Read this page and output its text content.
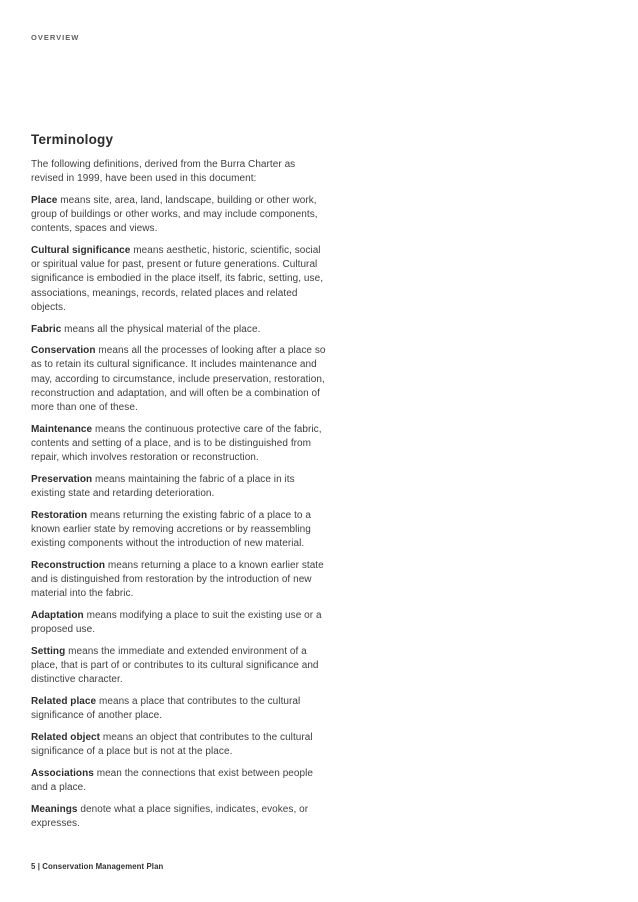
OVERVIEW
Terminology

The following definitions, derived from the Burra Charter as revised in 1999, have been used in this document:

Place means site, area, land, landscape, building or other work, group of buildings or other works, and may include components, contents, spaces and views.

Cultural significance means aesthetic, historic, scientific, social or spiritual value for past, present or future generations. Cultural significance is embodied in the place itself, its fabric, setting, use, associations, meanings, records, related places and related objects.

Fabric means all the physical material of the place.

Conservation means all the processes of looking after a place so as to retain its cultural significance. It includes maintenance and may, according to circumstance, include preservation, restoration, reconstruction and adaptation, and will often be a combination of more than one of these.

Maintenance means the continuous protective care of the fabric, contents and setting of a place, and is to be distinguished from repair, which involves restoration or reconstruction.

Preservation means maintaining the fabric of a place in its existing state and retarding deterioration.

Restoration means returning the existing fabric of a place to a known earlier state by removing accretions or by reassembling existing components without the introduction of new material.

Reconstruction means returning a place to a known earlier state and is distinguished from restoration by the introduction of new material into the fabric.

Adaptation means modifying a place to suit the existing use or a proposed use.

Setting means the immediate and extended environment of a place, that is part of or contributes to its cultural significance and distinctive character.

Related place means a place that contributes to the cultural significance of another place.

Related object means an object that contributes to the cultural significance of a place but is not at the place.

Associations mean the connections that exist between people and a place.

Meanings denote what a place signifies, indicates, evokes, or expresses.

5 | Conservation Management Plan
